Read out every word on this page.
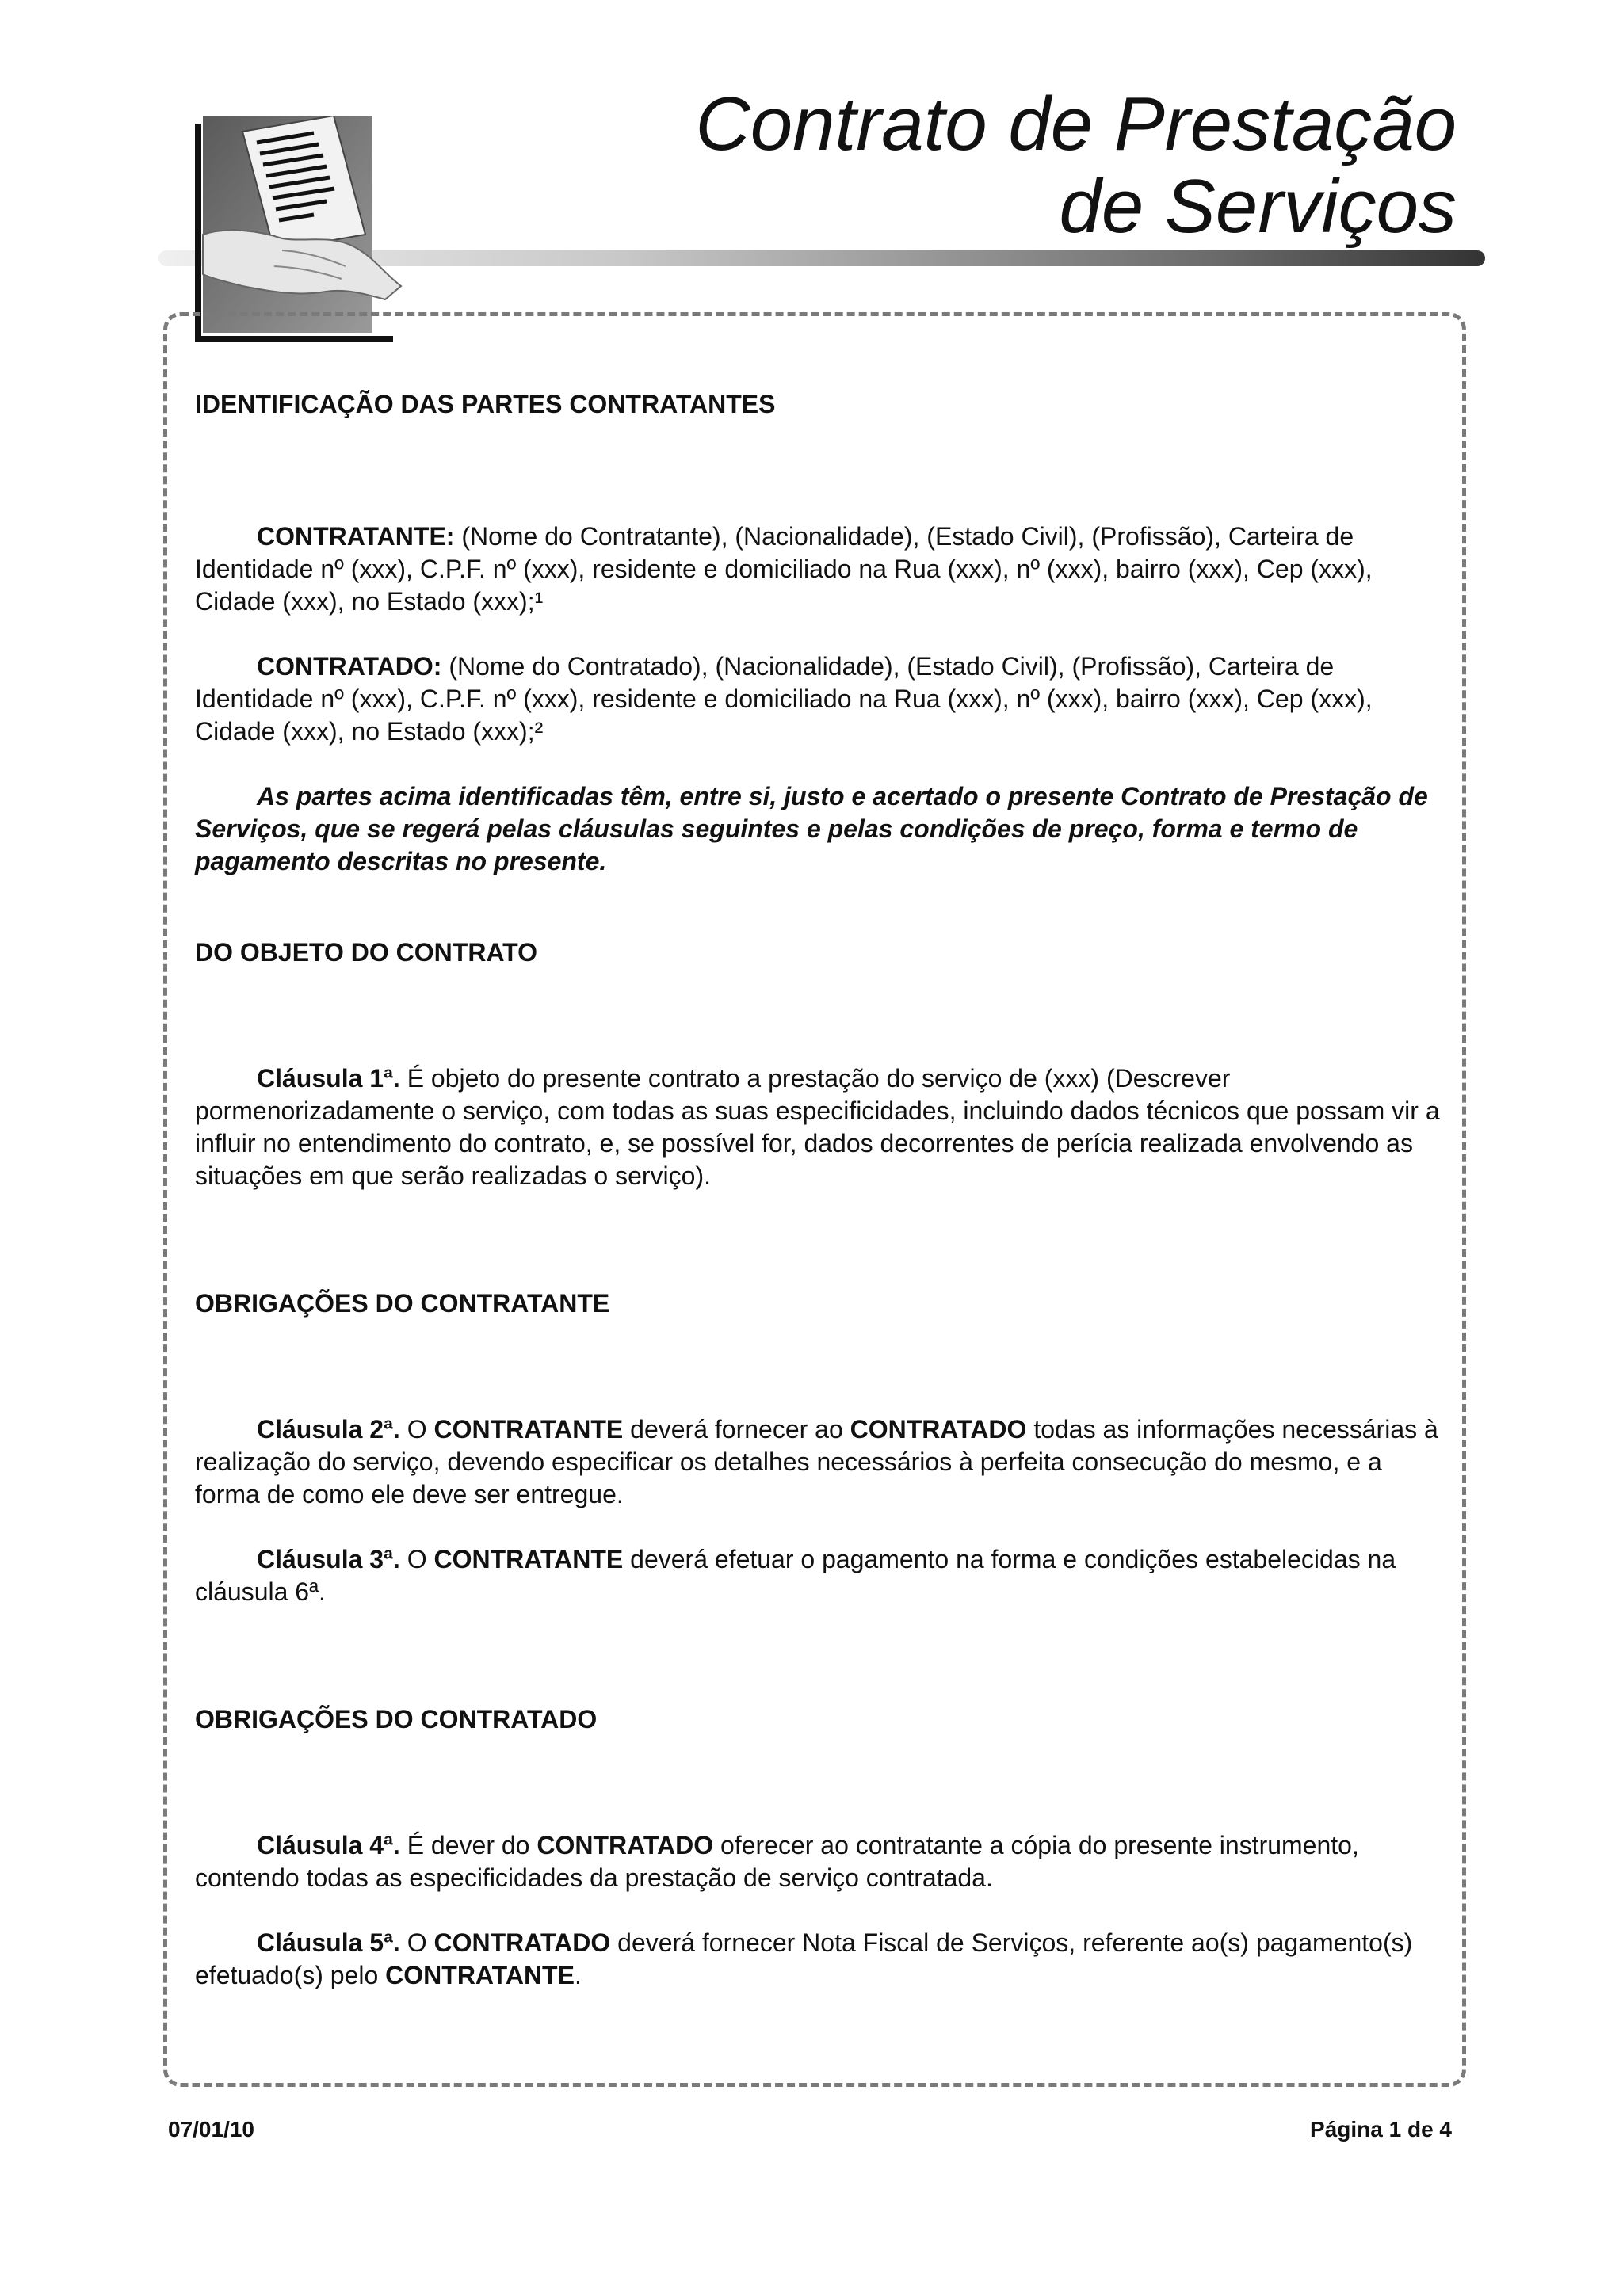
Contrato de Prestação
de Serviços
IDENTIFICAÇÃO DAS PARTES CONTRATANTES

CONTRATANTE: (Nome do Contratante), (Nacionalidade), (Estado Civil), (Profissão), Carteira de Identidade nº (xxx), C.P.F. nº (xxx), residente e domiciliado na Rua (xxx), nº (xxx), bairro (xxx), Cep (xxx), Cidade (xxx), no Estado (xxx);¹

CONTRATADO: (Nome do Contratado), (Nacionalidade), (Estado Civil), (Profissão), Carteira de Identidade nº (xxx), C.P.F. nº (xxx), residente e domiciliado na Rua (xxx), nº (xxx), bairro (xxx), Cep (xxx), Cidade (xxx), no Estado (xxx);²

As partes acima identificadas têm, entre si, justo e acertado o presente Contrato de Prestação de Serviços, que se regerá pelas cláusulas seguintes e pelas condições de preço, forma e termo de pagamento descritas no presente.

DO OBJETO DO CONTRATO

Cláusula 1ª. É objeto do presente contrato a prestação do serviço de (xxx) (Descrever pormenorizadamente o serviço, com todas as suas especificidades, incluindo dados técnicos que possam vir a influir no entendimento do contrato, e, se possível for, dados decorrentes de perícia realizada envolvendo as situações em que serão realizadas o serviço).

OBRIGAÇÕES DO CONTRATANTE

Cláusula 2ª. O CONTRATANTE deverá fornecer ao CONTRATADO todas as informações necessárias à realização do serviço, devendo especificar os detalhes necessários à perfeita consecução do mesmo, e a forma de como ele deve ser entregue.

Cláusula 3ª. O CONTRATANTE deverá efetuar o pagamento na forma e condições estabelecidas na cláusula 6ª.

OBRIGAÇÕES DO CONTRATADO

Cláusula 4ª. É dever do CONTRATADO oferecer ao contratante a cópia do presente instrumento, contendo todas as especificidades da prestação de serviço contratada.

Cláusula 5ª. O CONTRATADO deverá fornecer Nota Fiscal de Serviços, referente ao(s) pagamento(s) efetuado(s) pelo CONTRATANTE.

07/01/10	Página 1 de 4
